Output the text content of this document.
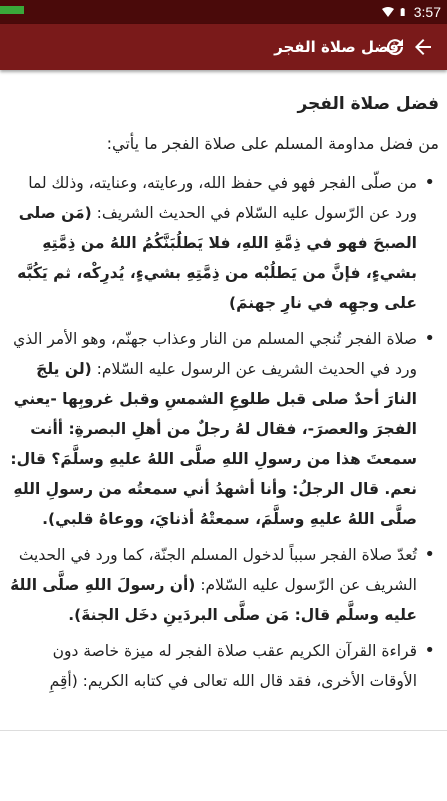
3:57
فضل صلاة الفجر
فضل صلاة الفجر
من فضل مداومة المسلم على صلاة الفجر ما يأتي:
• من صلّى الفجر فهو في حفظ الله، ورعايته، وعنايته، وذلك لما ورد عن الرّسول عليه السّلام في الحديث الشريف: (مَن صلى الصبحَ فهو في ذِمَّةِ اللهِ، فلا يَطلُبَنَّكُمُ اللهُ من ذِمَّتِهِ بشيءٍ، فإنَّ من يَطلُبْه من ذِمَّتِهِ بشيءٍ، يُدرِكْه، ثم يَكُبَّه على وجهِه في نارِ جهنمَ)
• صلاة الفجر تُنجي المسلم من النار وعذاب جهنّم، وهو الأمر الذي ورد في الحديث الشريف عن الرسول عليه السّلام: (لن يلجَ النارَ أحدٌ صلى قبل طلوعِ الشمسِ وقبل غروبِها -يعني الفجرَ والعصرَ-، فقال لهُ رجلٌ من أهلِ البصرةِ: أأنت سمعتَ هذا من رسولِ اللهِ صلَّى اللهُ عليهِ وسلَّمَ؟ قال: نعم. قال الرجلُ: وأنا أشهدُ أني سمعتُه من رسولِ اللهِ صلَّى اللهُ عليهِ وسلَّمَ، سمعتْهُ أذنايَ، ووعاهُ قلبي).
• تُعدّ صلاة الفجر سبباً لدخول المسلم الجنّة، كما ورد في الحديث الشريف عن الرّسول عليه السّلام: (أن رسولَ اللهِ صلَّى اللهُ عليه وسلَّم قال: مَن صلَّى البردَينِ دخَل الجنةَ).
• قراءة القرآن الكريم عقب صلاة الفجر له ميزة خاصة دون الأوقات الأخرى، فقد قال الله تعالى في كتابه الكريم: (أقِمِ
